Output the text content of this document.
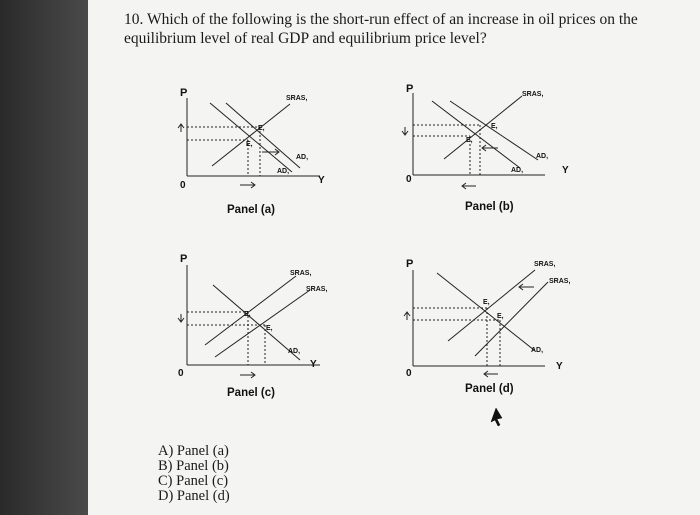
10. Which of the following is the short-run effect of an increase in oil prices on the equilibrium level of real GDP and equilibrium price level?

P
0	Y
SRAS,
AD,
AD,
E,
E,
Panel (a)
P
0
Y
SRAS,
AD,
AD,
E,
E,
Panel (b)
P
0
Y
SRAS,
SRAS,
AD,
E,
E,
Panel (c)
P
0
Y
SRAS,
SRAS,
AD,
E,
E,
Panel (d)
A) Panel (a)
B) Panel (b)
C) Panel (c)
D) Panel (d)
